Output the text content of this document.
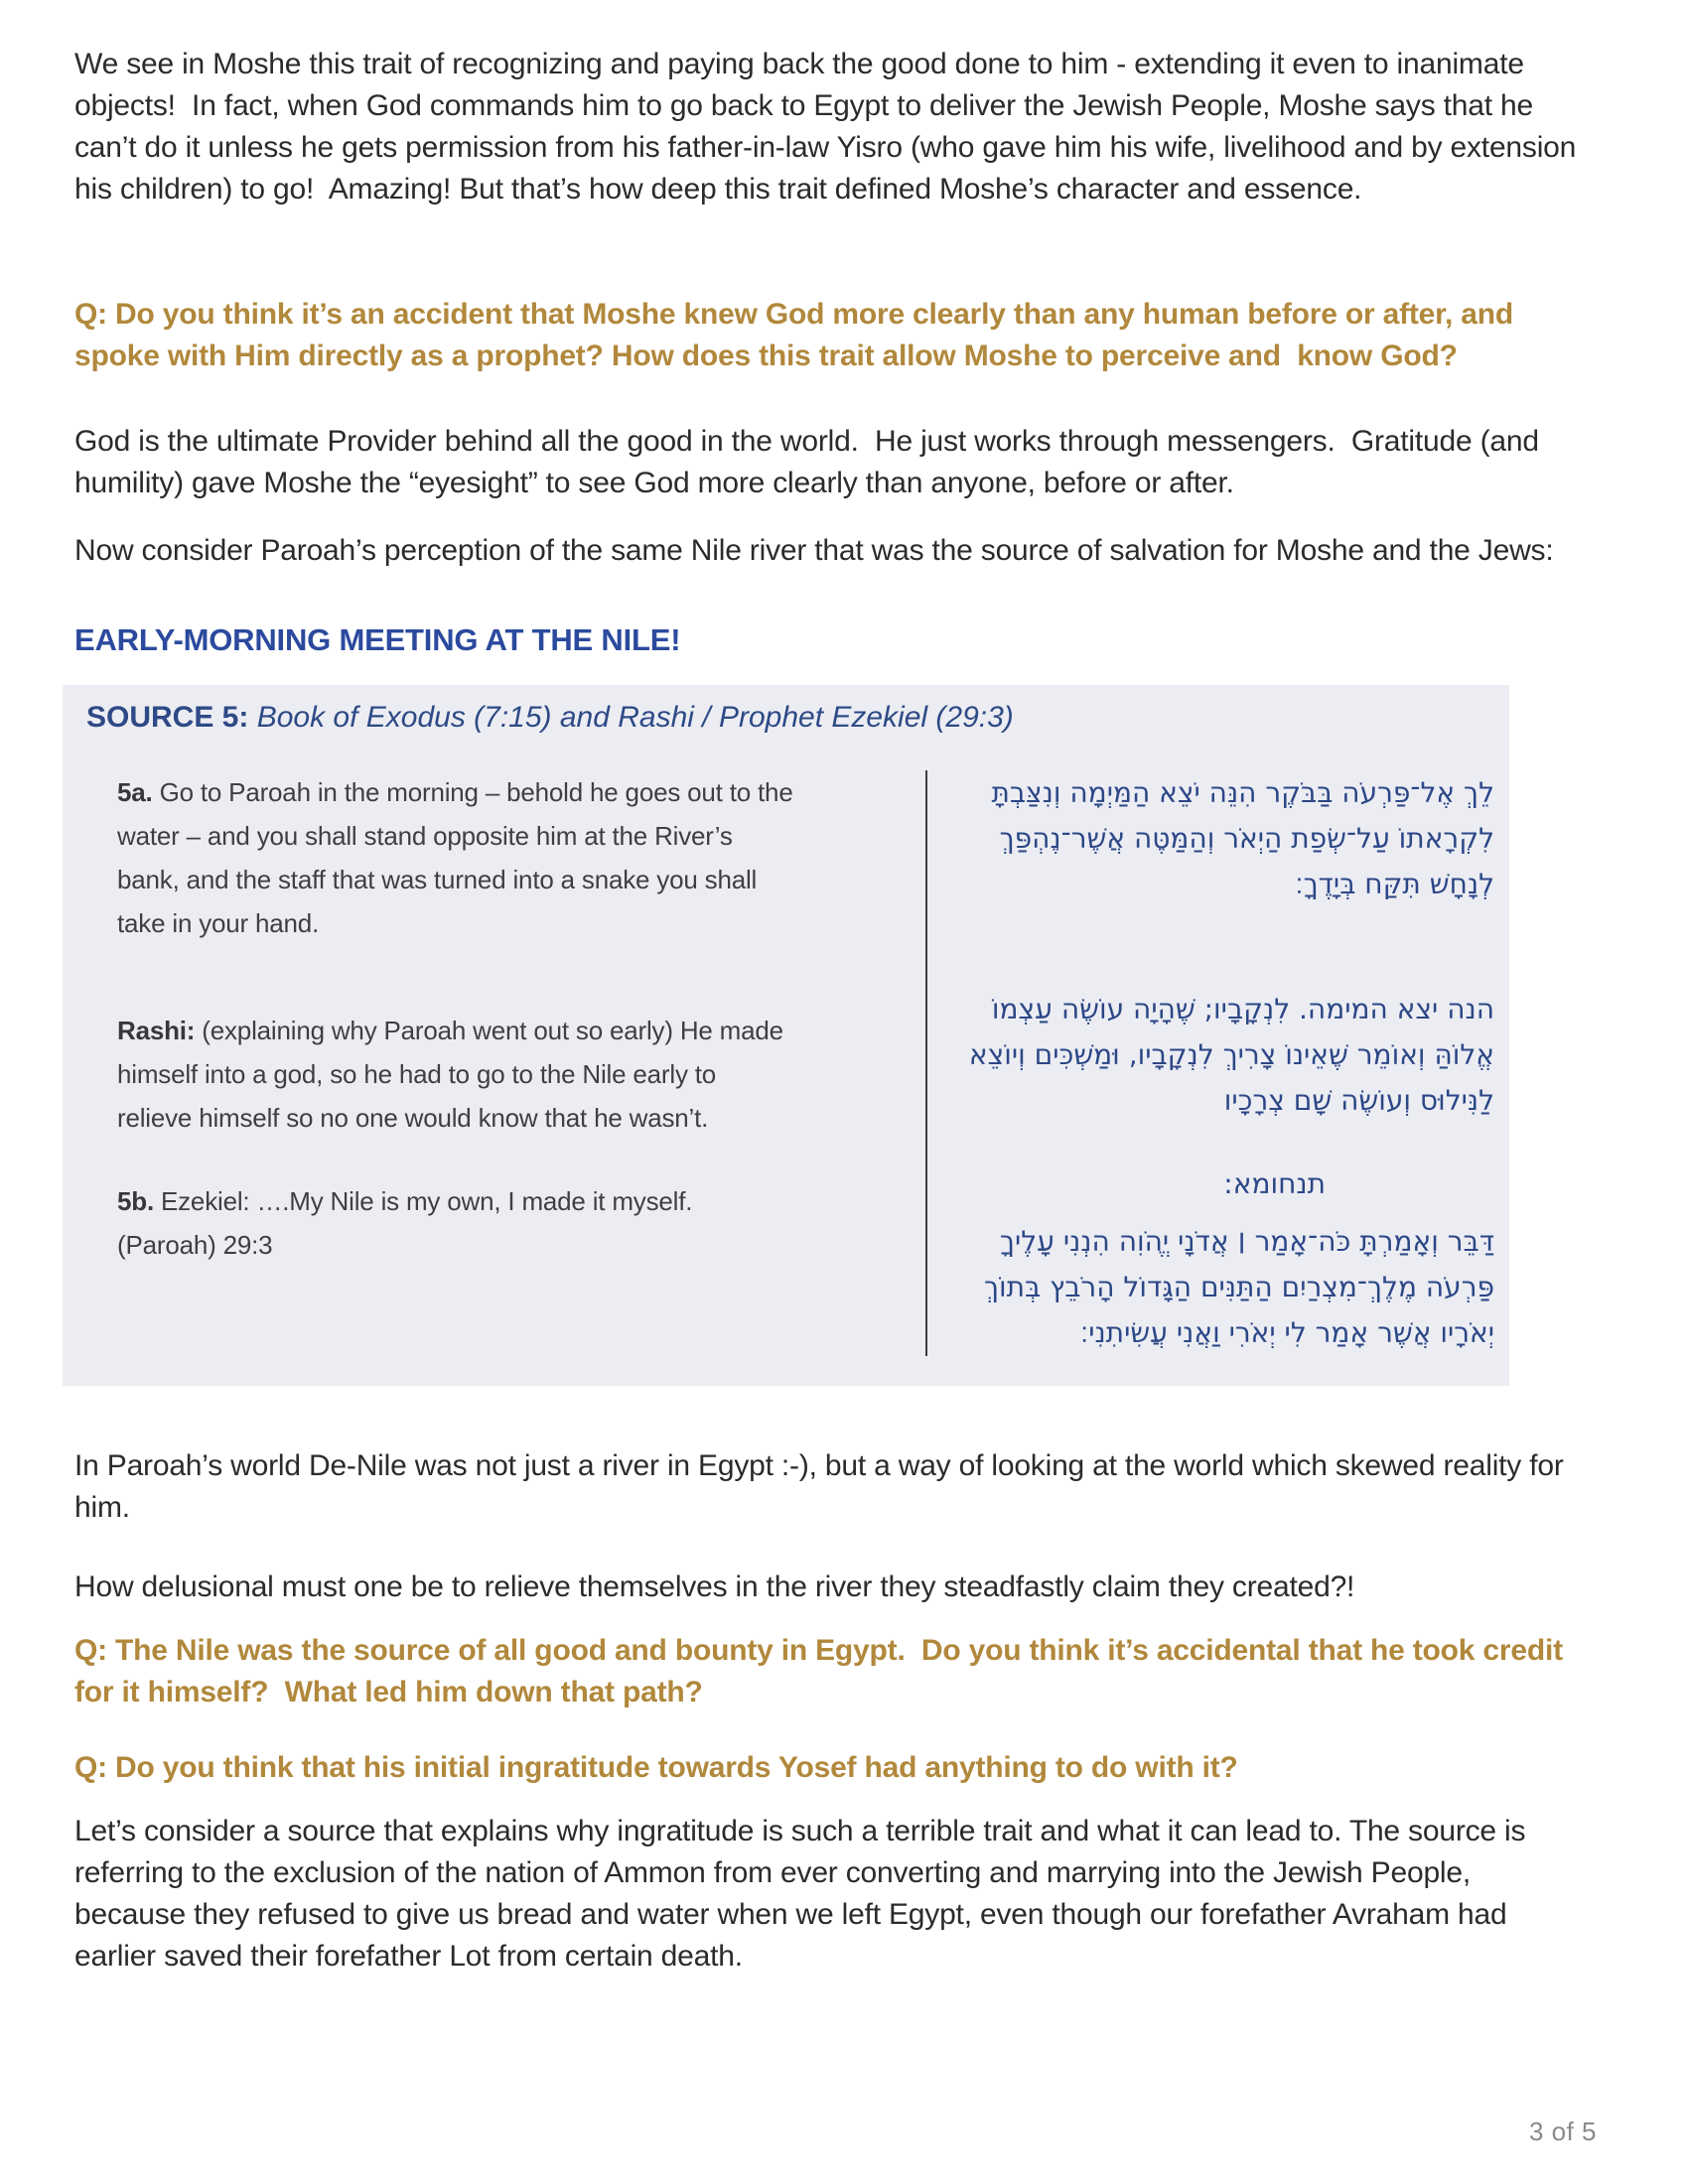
We see in Moshe this trait of recognizing and paying back the good done to him - extending it even to inanimate objects!  In fact, when God commands him to go back to Egypt to deliver the Jewish People, Moshe says that he can’t do it unless he gets permission from his father-in-law Yisro (who gave him his wife, livelihood and by extension his children) to go!  Amazing! But that’s how deep this trait defined Moshe’s character and essence.

Q: Do you think it’s an accident that Moshe knew God more clearly than any human before or after, and spoke with Him directly as a prophet? How does this trait allow Moshe to perceive and  know God?

God is the ultimate Provider behind all the good in the world.  He just works through messengers.  Gratitude (and humility) gave Moshe the “eyesight” to see God more clearly than anyone, before or after.

Now consider Paroah’s perception of the same Nile river that was the source of salvation for Moshe and the Jews:

EARLY-MORNING MEETING AT THE NILE!

SOURCE 5: Book of Exodus (7:15) and Rashi / Prophet Ezekiel (29:3)

5a. Go to Paroah in the morning – behold he goes out to the water – and you shall stand opposite him at the River’s bank, and the staff that was turned into a snake you shall take in your hand.

Rashi: (explaining why Paroah went out so early) He made himself into a god, so he had to go to the Nile early to relieve himself so no one would know that he wasn’t.

5b. Ezekiel: ….My Nile is my own, I made it myself. (Paroah) 29:3

לֵךְ אֶל־פַּרְעֹה בַּבֹּקֶר הִנֵּה יֹצֵא הַמַּיְמָה וְנִצַּבְתָּ לִקְרָאתוֹ עַל־שְׂפַת הַיְאֹר וְהַמַּטֶּה אֲשֶׁר־נֶהְפַּךְ לְנָחָשׁ תִּקַּח בְּיָדֶךָ׃

הנה יצא המימה. לִנְקָבָיו; שֶׁהָיָה עוֹשֶׂה עַצְמוֹ אֱלוֹהַּ וְאוֹמֵר שֶׁאֵינוֹ צָרִיךְ לִנְקָבָיו, וּמַשְׁכִּים וְיוֹצֵא לַנִּילוּס וְעוֹשֶׂה שָׁם צְרָכָיו

תנחומא:

דַּבֵּר וְאָמַרְתָּ כֹּה־אָמַר ׀ אֲדֹנָי יֱהֹוִה הִנְנִי עָלֶיךָ פַּרְעֹה מֶלֶךְ־מִצְרַיִם הַתַּנִּים הַגָּדוֹל הָרֹבֵץ בְּתוֹךְ יְאֹרָיו אֲשֶׁר אָמַר לִי יְאֹרִי וַאֲנִי עֲשִׂיתִנִי׃

In Paroah’s world De-Nile was not just a river in Egypt :-), but a way of looking at the world which skewed reality for him.

How delusional must one be to relieve themselves in the river they steadfastly claim they created?!

Q: The Nile was the source of all good and bounty in Egypt.  Do you think it’s accidental that he took credit for it himself?  What led him down that path?

Q: Do you think that his initial ingratitude towards Yosef had anything to do with it?

Let’s consider a source that explains why ingratitude is such a terrible trait and what it can lead to. The source is referring to the exclusion of the nation of Ammon from ever converting and marrying into the Jewish People, because they refused to give us bread and water when we left Egypt, even though our forefather Avraham had earlier saved their forefather Lot from certain death.

3 of 5
